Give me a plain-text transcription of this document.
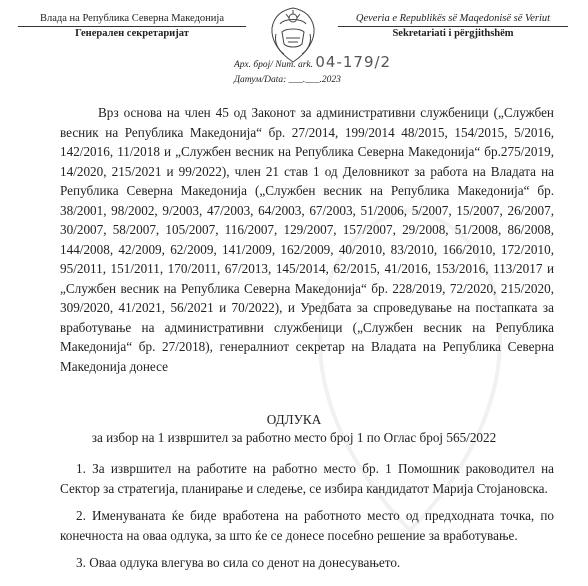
Влада на Република Северна Македонија
Генерален секретаријат
Qeveria e Republikës së Maqedonisë së Veriut
Sekretariati i përgjithshëm
Арх. број/ Num. ark. 04-179/2
Датум/Data: ___.___.2023
Врз основа на член 45 од Законот за административни службеници („Службен весник на Република Македонија“ бр. 27/2014, 199/2014 48/2015, 154/2015, 5/2016, 142/2016, 11/2018 и „Службен весник на Република Северна Македонија“ бр.275/2019, 14/2020, 215/2021 и 99/2022), член 21 став 1 од Деловникот за работа на Владата на Република Северна Македонија („Службен весник на Република Македонија“ бр. 38/2001, 98/2002, 9/2003, 47/2003, 64/2003, 67/2003, 51/2006, 5/2007, 15/2007, 26/2007, 30/2007, 58/2007, 105/2007, 116/2007, 129/2007, 157/2007, 29/2008, 51/2008, 86/2008, 144/2008, 42/2009, 62/2009, 141/2009, 162/2009, 40/2010, 83/2010, 166/2010, 172/2010, 95/2011, 151/2011, 170/2011, 67/2013, 145/2014, 62/2015, 41/2016, 153/2016, 113/2017 и „Службен весник на Република Северна Македонија“ бр. 228/2019, 72/2020, 215/2020, 309/2020, 41/2021, 56/2021 и 70/2022), и Уредбата за спроведување на постапката за вработување на административни службеници („Службен весник на Република Македонија“ бр. 27/2018), генералниот секретар на Владата на Република Северна Македонија донесе
ОДЛУКА
за избор на 1 извршител за работно место број 1 по Оглас број 565/2022

1. За извршител на работите на работно место бр. 1 Помошник раководител на Сектор за стратегија, планирање и следење, се избира кандидатот Марија Стојановска.

2. Именуваната ќе биде вработена на работното место од предходната точка, по конечноста на оваа одлука, за што ќе се донесе посебно решение за вработување.

3. Оваа одлука влегува во сила со денот на донесувањето.
